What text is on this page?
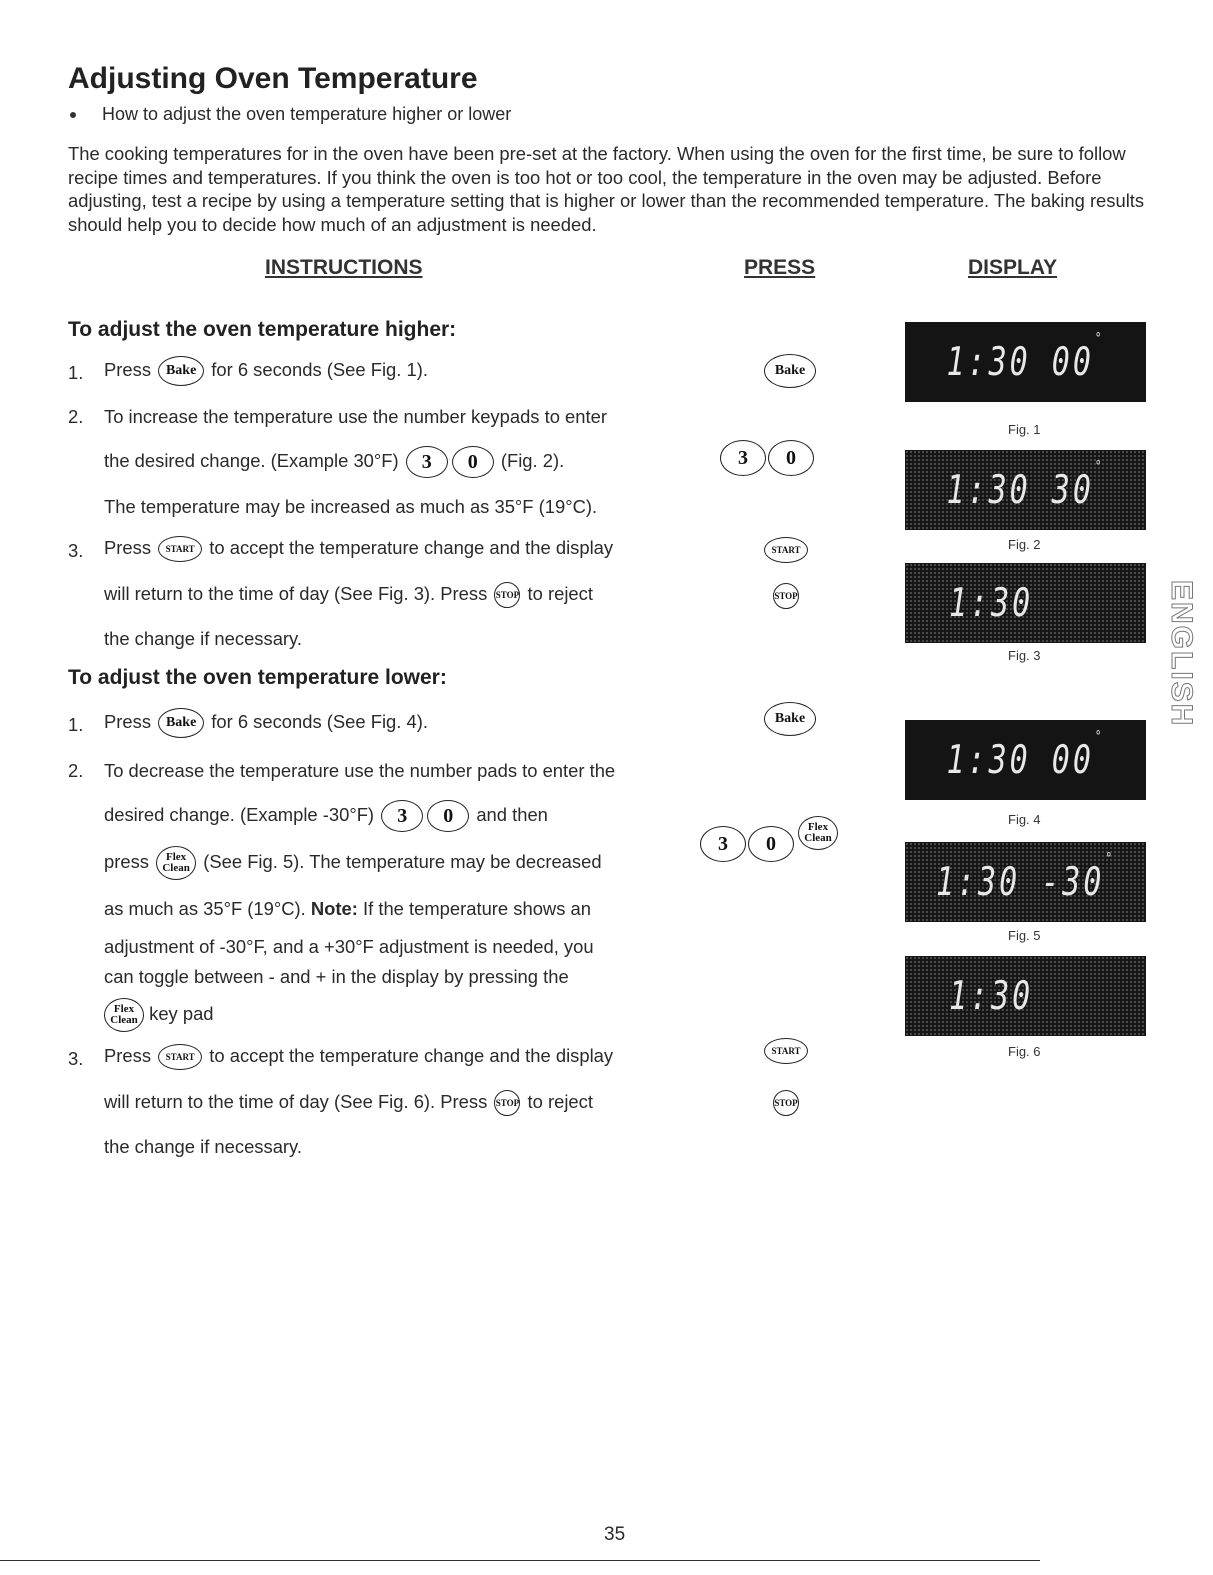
Adjusting Oven Temperature
How to adjust the oven temperature higher or lower
The cooking temperatures for in the oven have been pre-set at the factory. When using the oven for the first time, be sure to follow recipe times and temperatures. If you think the oven is too hot or too cool, the temperature in the oven may be adjusted. Before adjusting, test a recipe by using a temperature setting that is higher or lower than the recommended temperature. The baking results should help you to decide how much of an adjustment is needed.
INSTRUCTIONS	PRESS	DISPLAY
To adjust the oven temperature higher:
1. Press Bake for 6 seconds (See Fig. 1).
2. To increase the temperature use the number keypads to enter
the desired change. (Example 30°F) 3 0 (Fig. 2).
The temperature may be increased as much as 35°F (19°C).
3. Press START to accept the temperature change and the display
will return to the time of day (See Fig. 3). Press STOP to reject
the change if necessary.
To adjust the oven temperature lower:
1. Press Bake for 6 seconds (See Fig. 4).
2. To decrease the temperature use the number pads to enter the
desired change. (Example -30°F) 3 0 and then
press Flex
Clean (See Fig. 5). The temperature may be decreased
as much as 35°F (19°C). Note: If the temperature shows an
adjustment of -30°F, and a +30°F adjustment is needed, you
can toggle between - and + in the display by pressing the
Flex
Clean key pad
3. Press START to accept the temperature change and the display
will return to the time of day (See Fig. 6). Press STOP to reject
the change if necessary.
Bake
3 0
START
STOP
Bake
3 0
Flex
Clean
START
STOP
1:30 00°
Fig. 1
1:30 30°
Fig. 2
1:30
Fig. 3
1:30 00°
Fig. 4
1:30 -30°
Fig. 5
1:30
Fig. 6
ENGLISH
35
